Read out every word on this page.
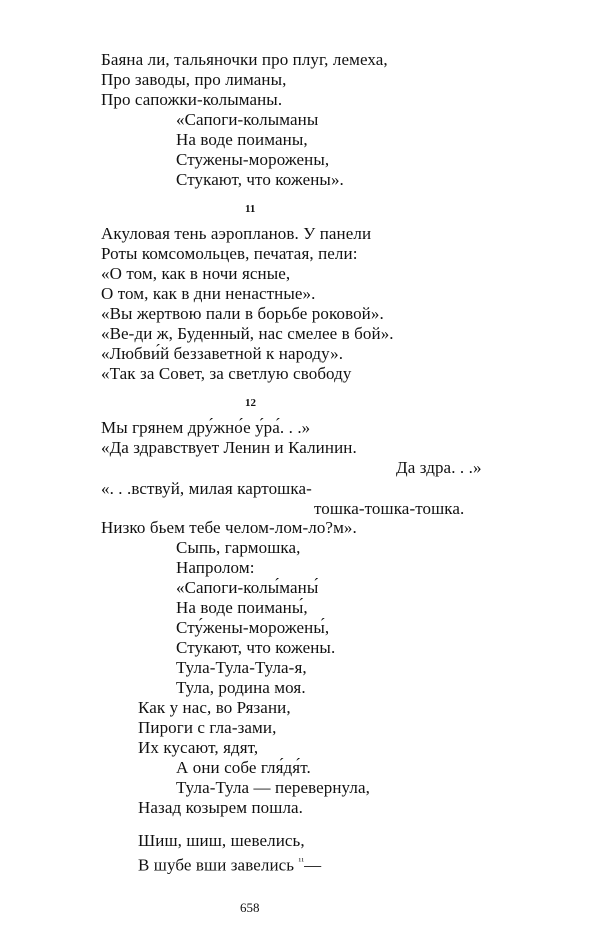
Баяна ли, тальяночки про плуг, лемеха,
Про заводы, про лиманы,
Про сапожки-колыманы.
«Сапоги-колыманы
На воде поиманы,
Стужены-морожены,
Стукают, что кожены».
11
Акуловая тень аэропланов. У панели
Роты комсомольцев, печатая, пели:
«О том, как в ночи ясные,
О том, как в дни ненастные».
«Вы жертвою пали в борьбе роковой».
«Ве-ди ж, Буденный, нас смелее в бой».
«Любви́й беззаветной к народу».
«Так за Совет, за светлую свободу
12
Мы грянем дру́жно́е у́ра́. . .»
«Да здравствует Ленин и Калинин.
Да здра. . .»
«. . .вствуй, милая картошка-
тошка-тошка-тошка.
Низко бьем тебе челом-лом-ло?м».
Сыпь, гармошка,
Напролом:
«Сапоги-колы́маны́
На воде поиманы́,
Сту́жены-морожены́,
Стукают, что кожены.
Тула-Тула-Тула-я,
Тула, родина моя.
Как у нас, во Рязани,
Пироги с гла-зами,
Их кусают, ядят,
А они собе гля́дя́т.
Тула-Тула — перевернула,
Назад козырем пошла.
Шиш, шиш, шевелись,
В шубе вши завелись $^{^{11}}$—
658
